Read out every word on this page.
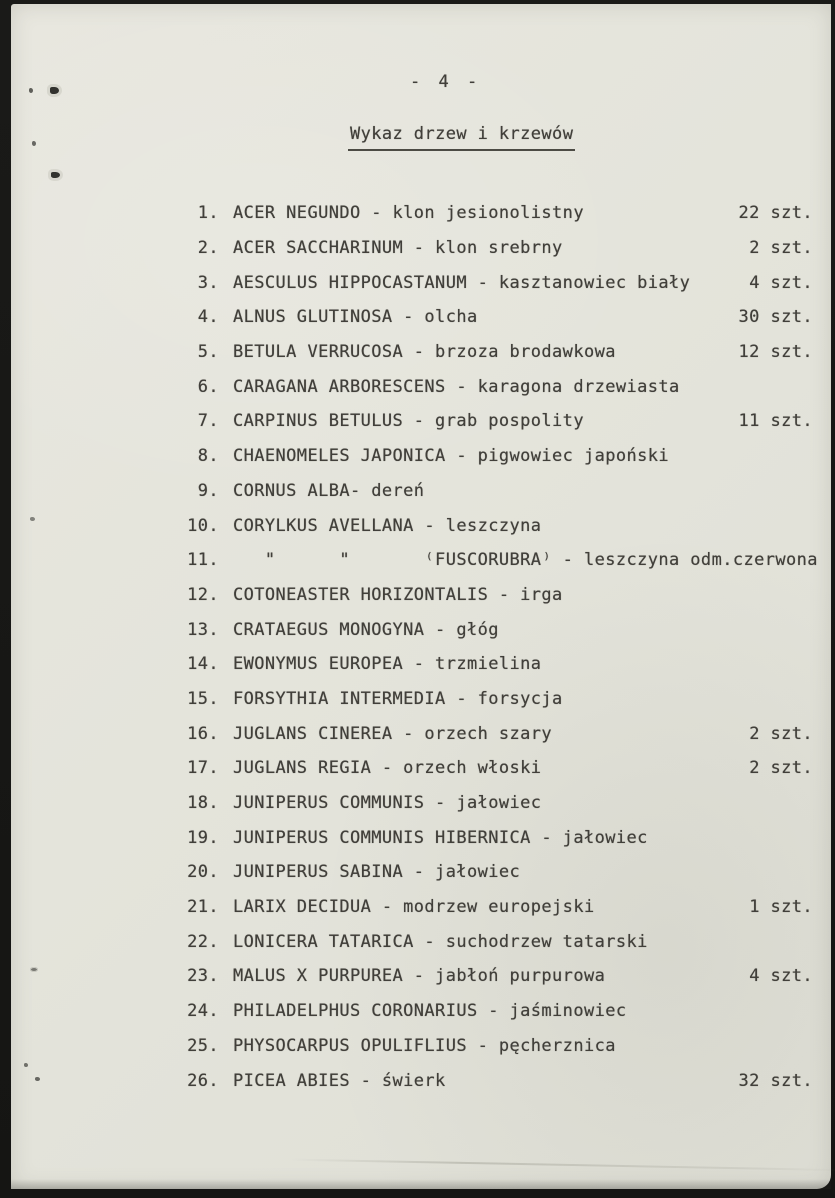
- 4 -
Wykaz drzew i krzewów
1. ACER NEGUNDO - klon jesionolistny	22 szt.
2. ACER SACCHARINUM - klon srebrny	2 szt.
3. AESCULUS HIPPOCASTANUM - kasztanowiec biały	4 szt.
4. ALNUS GLUTINOSA - olcha	30 szt.
5. BETULA VERRUCOSA - brzoza brodawkowa	12 szt.
6. CARAGANA ARBORESCENS - karagona drzewiasta
7. CARPINUS BETULUS - grab pospolity	11 szt.
8. CHAENOMELES JAPONICA - pigwowiec japoński
9. CORNUS ALBA- dereń
10. CORYLKUS AVELLANA - leszczyna
11. "      "       ⁽FUSCORUBRA⁾ - leszczyna odm.czerwona
12. COTONEASTER HORIZONTALIS - irga
13. CRATAEGUS MONOGYNA - głóg
14. EWONYMUS EUROPEA - trzmielina
15. FORSYTHIA INTERMEDIA - forsycja
16. JUGLANS CINEREA - orzech szary	2 szt.
17. JUGLANS REGIA - orzech włoski	2 szt.
18. JUNIPERUS COMMUNIS - jałowiec
19. JUNIPERUS COMMUNIS HIBERNICA - jałowiec
20. JUNIPERUS SABINA - jałowiec
21. LARIX DECIDUA - modrzew europejski	1 szt.
22. LONICERA TATARICA - suchodrzew tatarski
23. MALUS X PURPUREA - jabłoń purpurowa	4 szt.
24. PHILADELPHUS CORONARIUS - jaśminowiec
25. PHYSOCARPUS OPULIFLIUS - pęcherznica
26. PICEA ABIES - świerk	32 szt.
